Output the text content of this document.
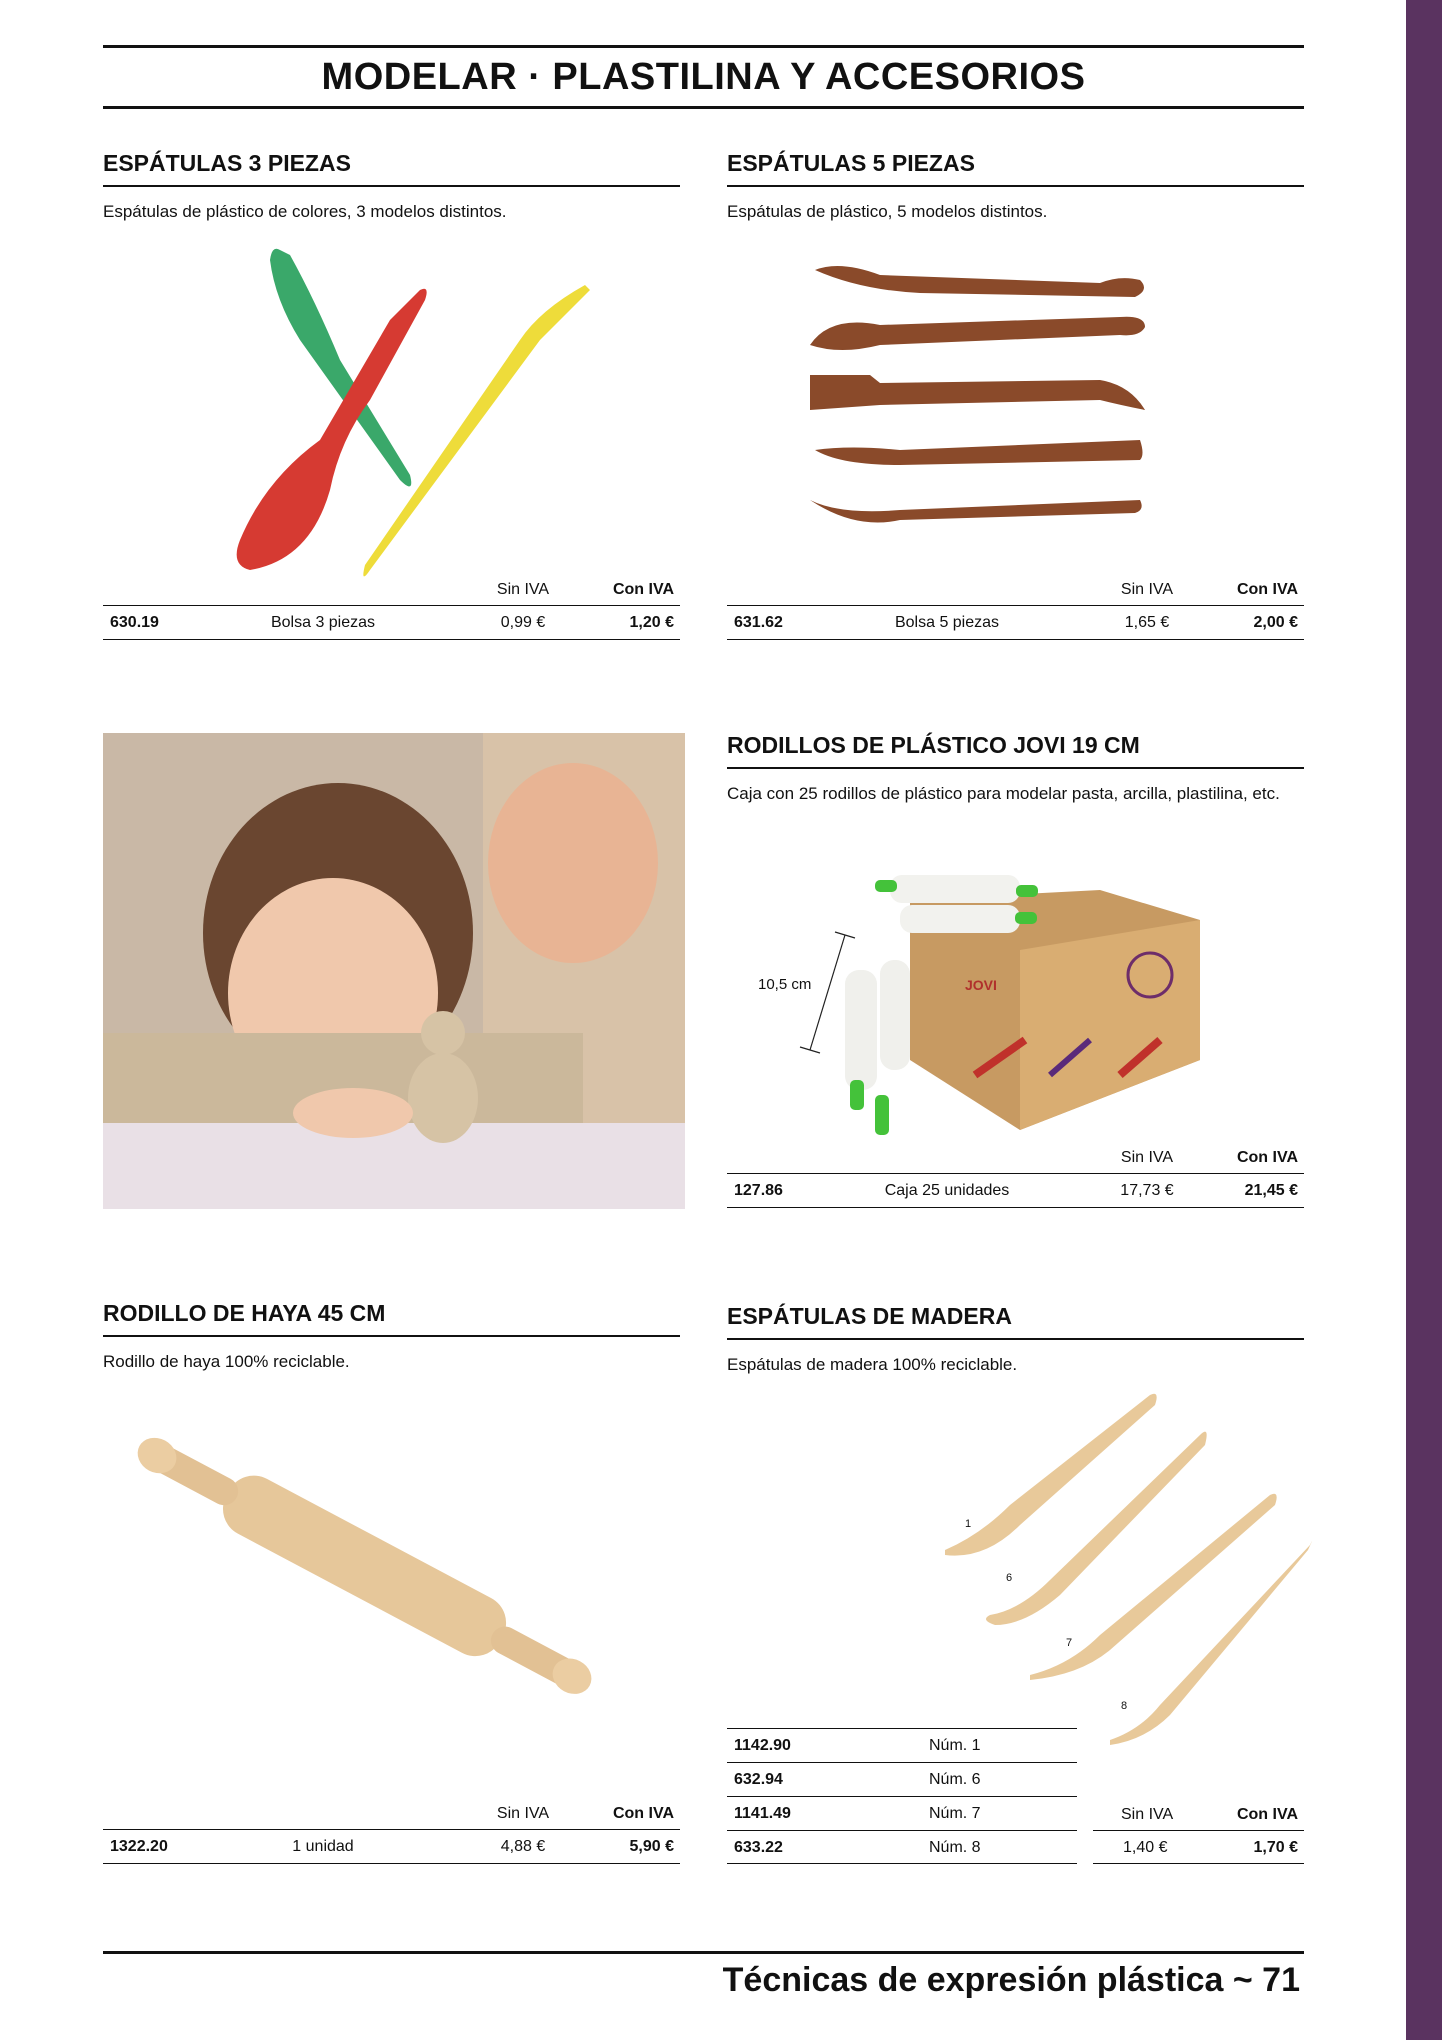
MODELAR · PLASTILINA Y ACCESORIOS
ESPÁTULAS 3 PIEZAS
Espátulas de plástico de colores, 3 modelos distintos.
Sin IVA	Con IVA
630.19	Bolsa 3 piezas	0,99 €	1,20 €
ESPÁTULAS 5 PIEZAS
Espátulas de plástico, 5 modelos distintos.
Sin IVA	Con IVA
631.62	Bolsa 5 piezas	1,65 €	2,00 €
RODILLOS DE PLÁSTICO JOVI 19 CM
Caja con 25 rodillos de plástico para modelar pasta, arcilla, plastilina, etc.
JOVI
10,5 cm
Sin IVA	Con IVA
127.86	Caja 25 unidades	17,73 €	21,45 €
RODILLO DE HAYA 45 CM
Rodillo de haya 100% reciclable.
Sin IVA	Con IVA
1322.20	1 unidad	4,88 €	5,90 €
ESPÁTULAS DE MADERA
Espátulas de madera 100% reciclable.
1
6
7
8
1142.90	Núm. 1
632.94	Núm. 6
1141.49	Núm. 7
633.22	Núm. 8
Sin IVA	Con IVA
1,40 €	1,70 €
Técnicas de expresión plástica ~ 71
